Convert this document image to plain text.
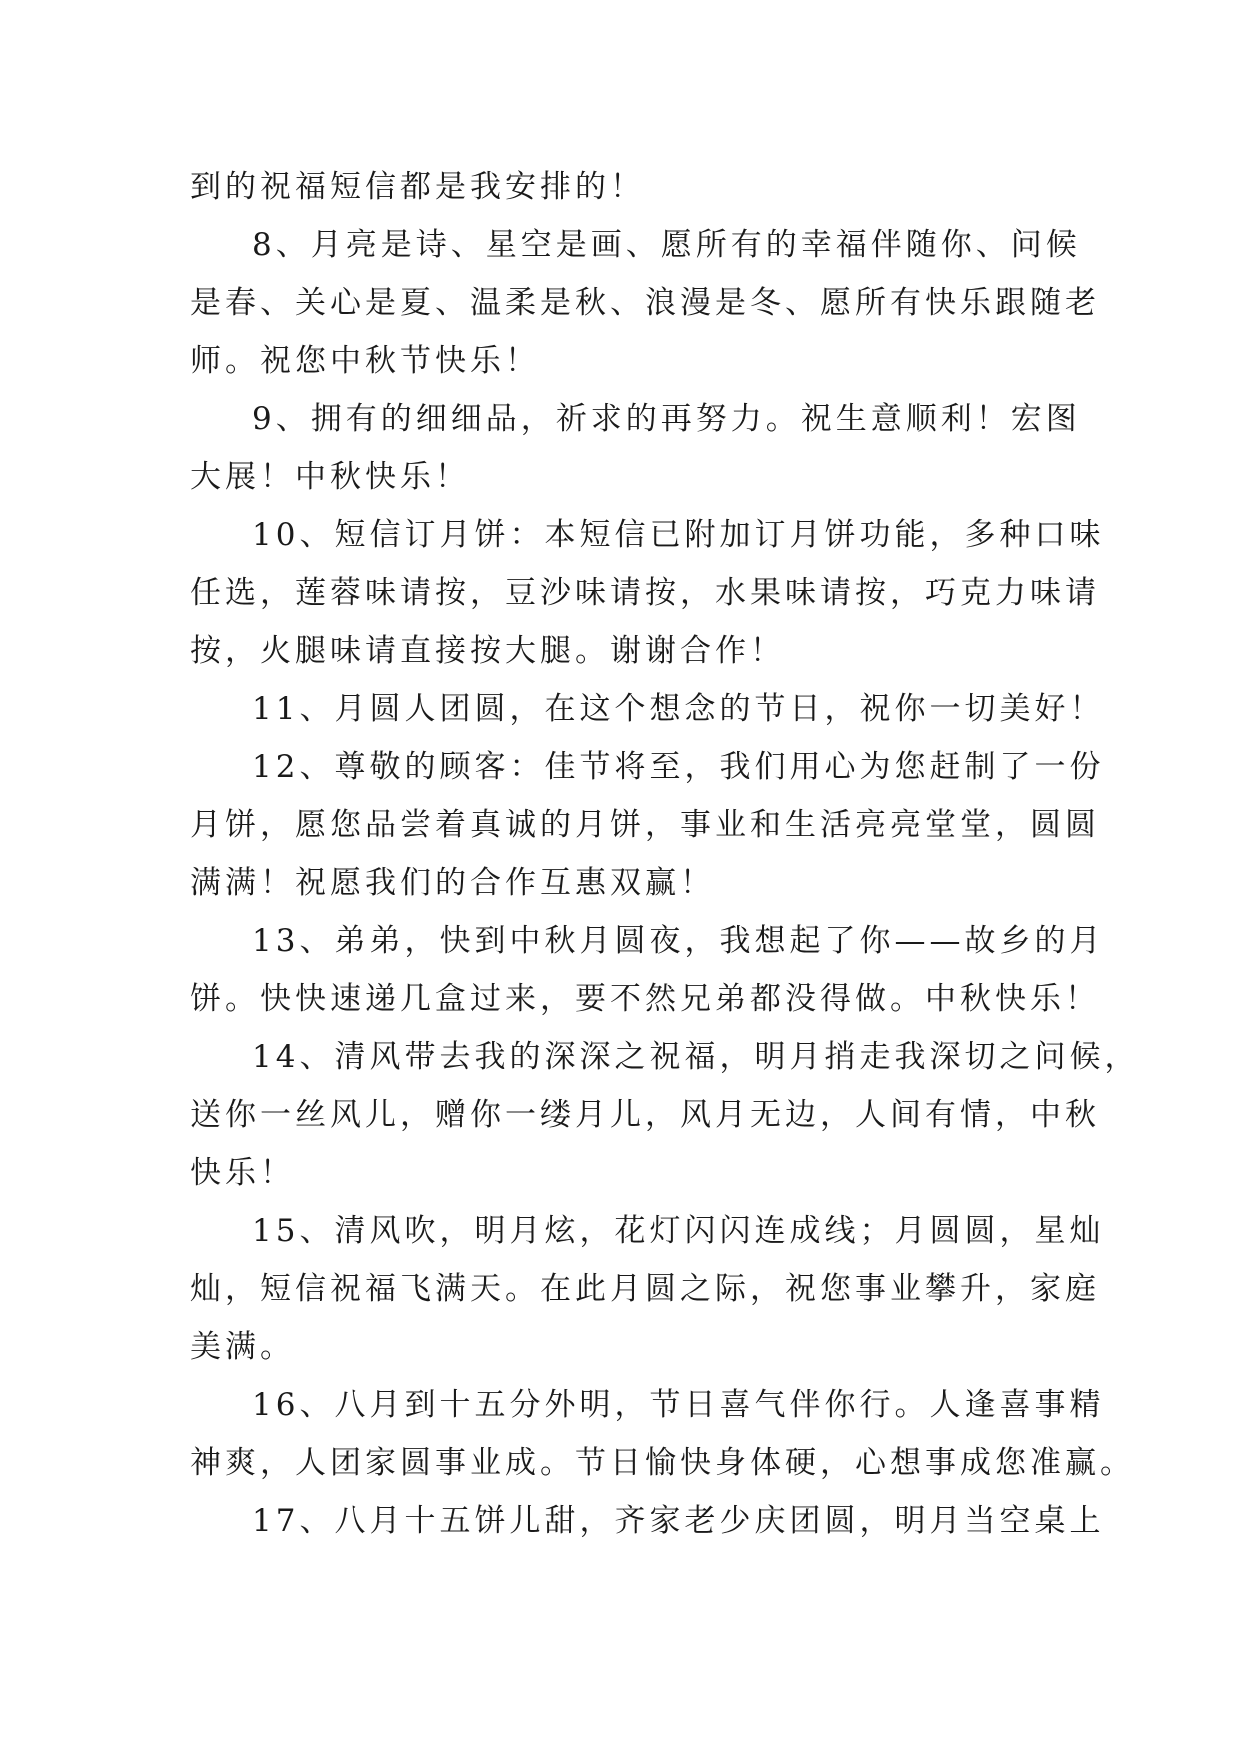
到的祝福短信都是我安排的！
8、月亮是诗、星空是画、愿所有的幸福伴随你、问候
是春、关心是夏、温柔是秋、浪漫是冬、愿所有快乐跟随老
师。祝您中秋节快乐！
9、拥有的细细品，祈求的再努力。祝生意顺利！宏图
大展！中秋快乐！
10、短信订月饼：本短信已附加订月饼功能，多种口味
任选，莲蓉味请按，豆沙味请按，水果味请按，巧克力味请
按，火腿味请直接按大腿。谢谢合作！
11、月圆人团圆，在这个想念的节日，祝你一切美好！
12、尊敬的顾客：佳节将至，我们用心为您赶制了一份
月饼，愿您品尝着真诚的月饼，事业和生活亮亮堂堂，圆圆
满满！祝愿我们的合作互惠双赢！
13、弟弟，快到中秋月圆夜，我想起了你——故乡的月
饼。快快速递几盒过来，要不然兄弟都没得做。中秋快乐！
14、清风带去我的深深之祝福，明月捎走我深切之问候，
送你一丝风儿，赠你一缕月儿，风月无边，人间有情，中秋
快乐！
15、清风吹，明月炫，花灯闪闪连成线；月圆圆，星灿
灿，短信祝福飞满天。在此月圆之际，祝您事业攀升，家庭
美满。
16、八月到十五分外明，节日喜气伴你行。人逢喜事精
神爽，人团家圆事业成。节日愉快身体硬，心想事成您准赢。
17、八月十五饼儿甜，齐家老少庆团圆，明月当空桌上
